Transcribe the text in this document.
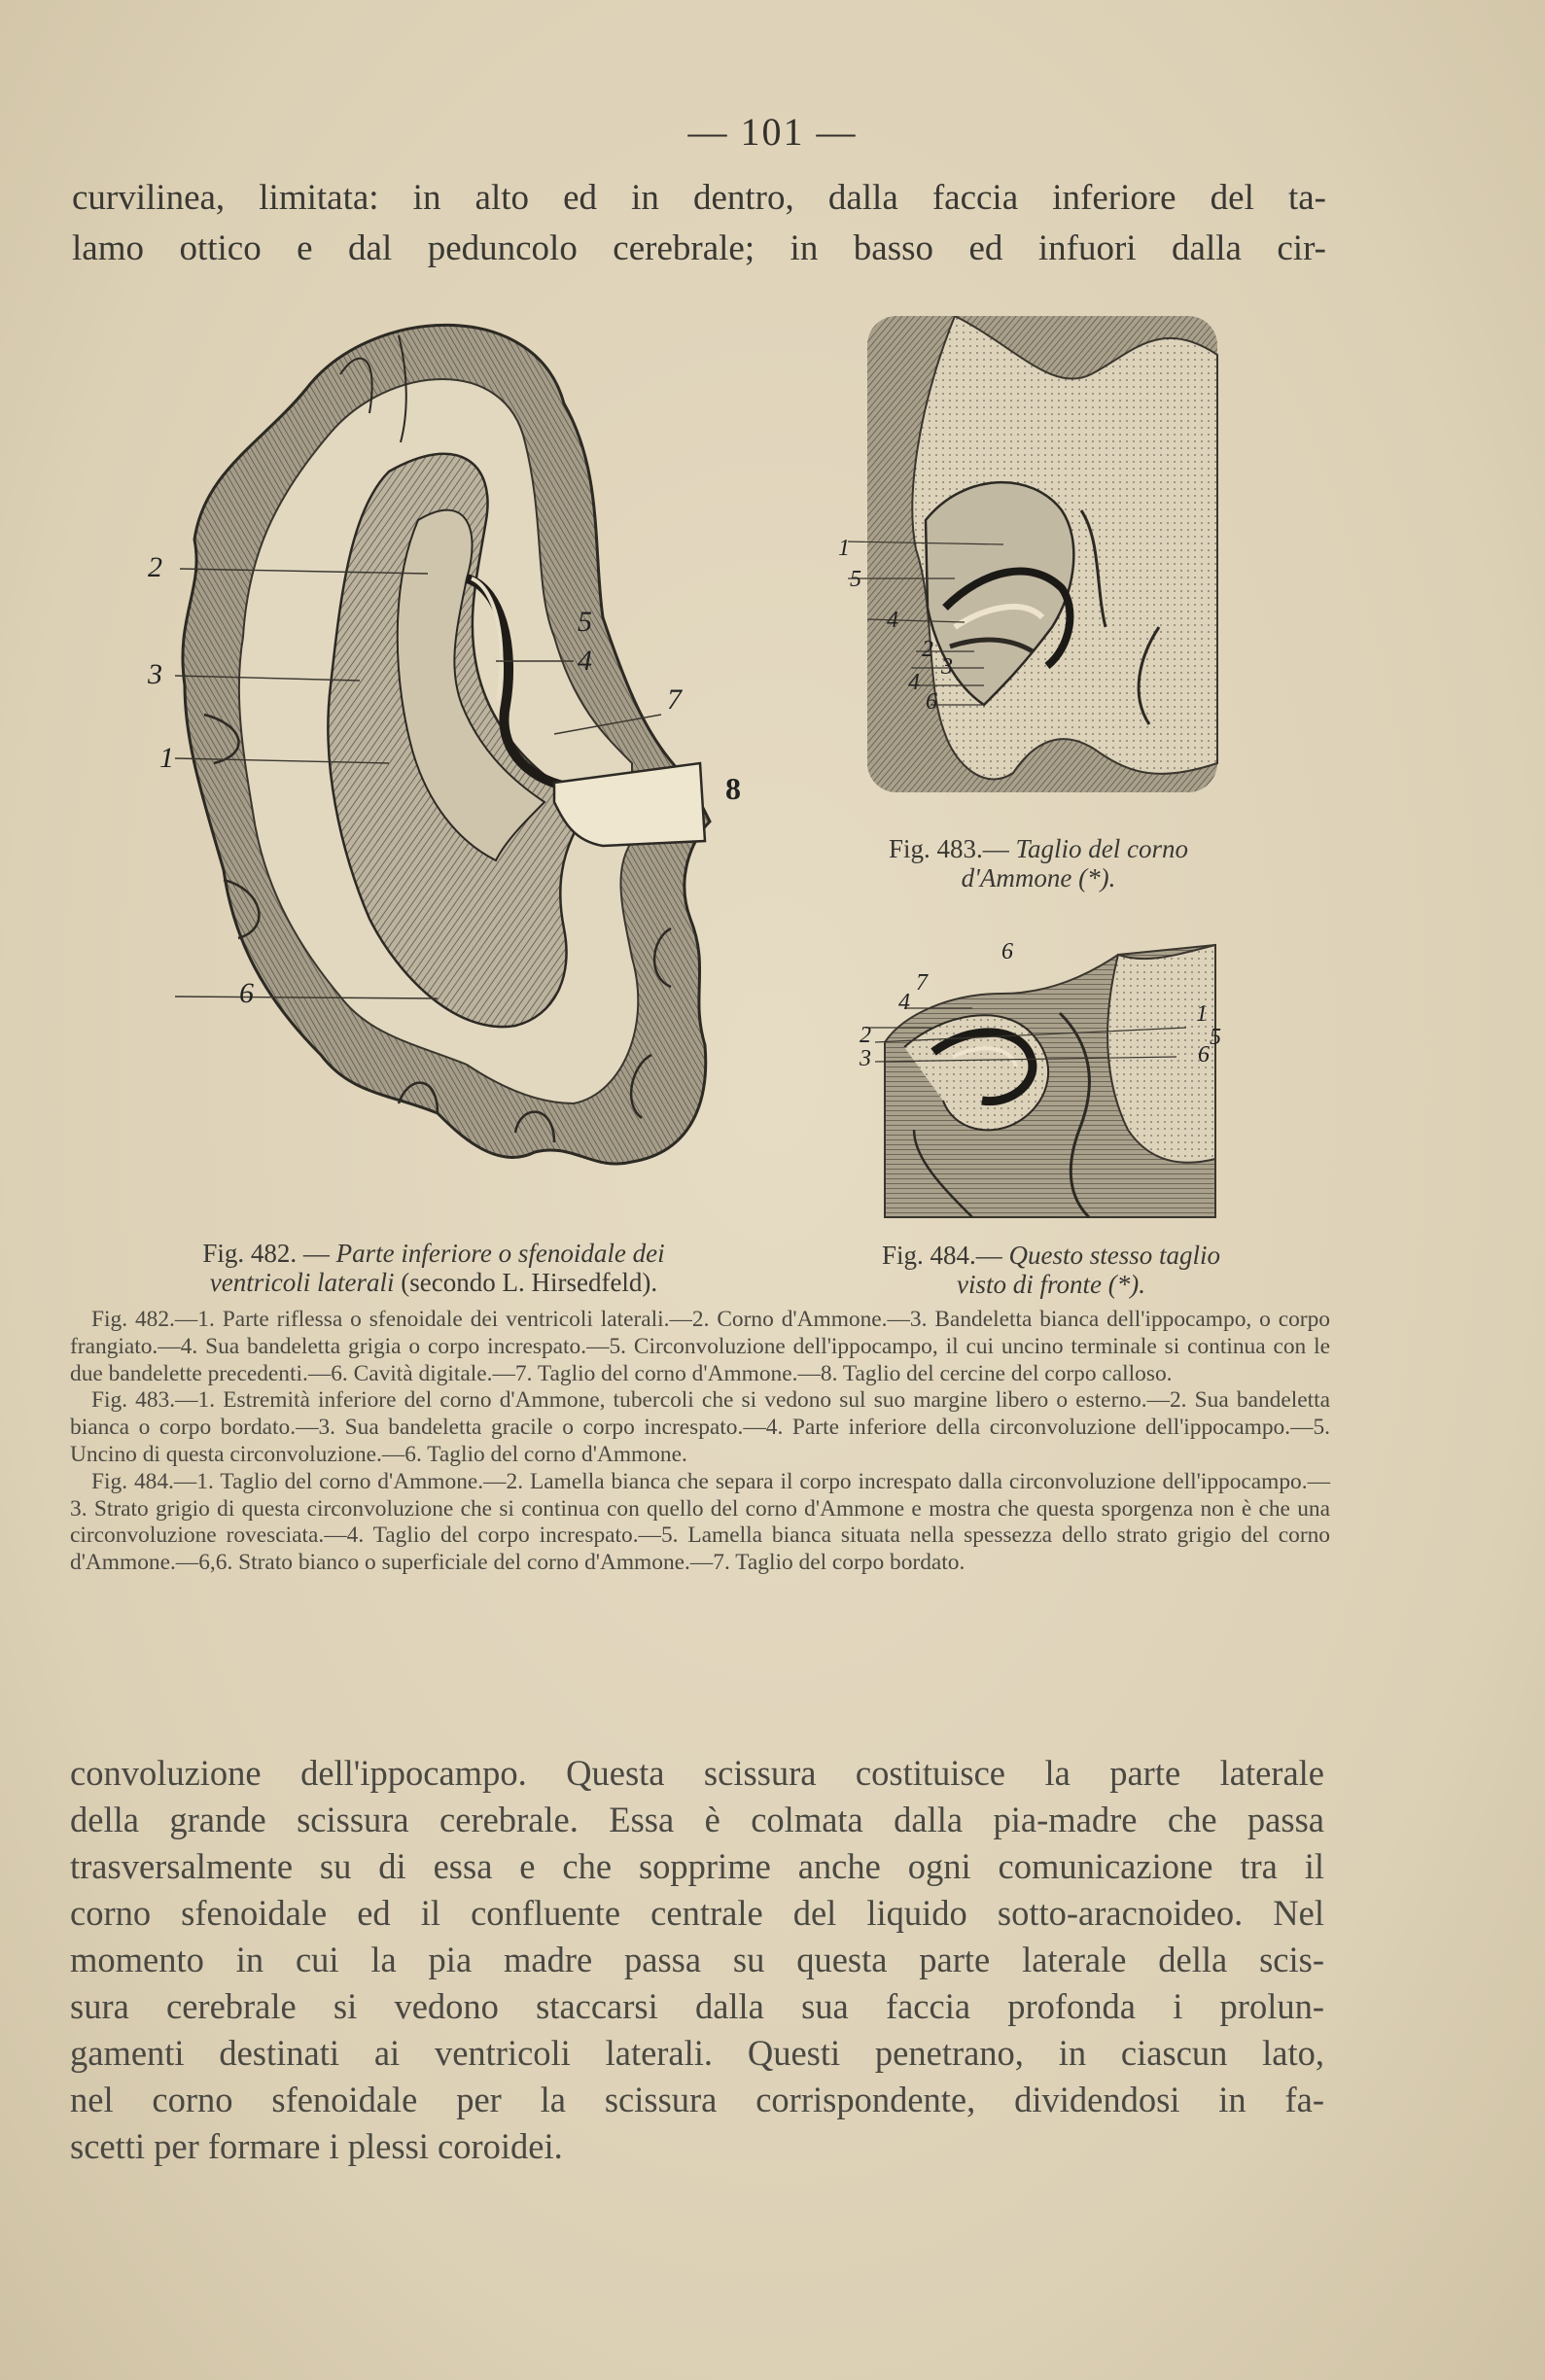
— 101 —
curvilinea, limitata: in alto ed in dentro, dalla faccia inferiore del ta-
lamo ottico e dal peduncolo cerebrale; in basso ed infuori dalla cir-
2
3
1
5
4
7
8
6
Fig. 482. — Parte inferiore o sfenoidale dei
ventricoli laterali (secondo L. Hirsedfeld).
1
5
4
2
3
4
6
Fig. 483.— Taglio del corno
d'Ammone (*).
6
7
4
2
3
1
5
6
Fig. 484.— Questo stesso taglio
visto di fronte (*).

Fig. 482.—1. Parte riflessa o sfenoidale dei ventricoli laterali.—2. Corno d'Ammone.—3. Bandeletta bianca dell'ippocampo, o corpo frangiato.—4. Sua bandeletta grigia o corpo increspato.—5. Circonvoluzione dell'ippocampo, il cui uncino terminale si continua con le due bandelette precedenti.—6. Cavità digitale.—7. Taglio del corno d'Ammone.—8. Taglio del cercine del corpo calloso.

Fig. 483.—1. Estremità inferiore del corno d'Ammone, tubercoli che si vedono sul suo margine libero o esterno.—2. Sua bandeletta bianca o corpo bordato.—3. Sua bandeletta gracile o corpo increspato.—4. Parte inferiore della circonvoluzione dell'ippocampo.—5. Uncino di questa circonvoluzione.—6. Taglio del corno d'Ammone.

Fig. 484.—1. Taglio del corno d'Ammone.—2. Lamella bianca che separa il corpo increspato dalla circonvoluzione dell'ippocampo.—3. Strato grigio di questa circonvoluzione che si continua con quello del corno d'Ammone e mostra che questa sporgenza non è che una circonvoluzione rovesciata.—4. Taglio del corpo increspato.—5. Lamella bianca situata nella spessezza dello strato grigio del corno d'Ammone.—6,6. Strato bianco o superficiale del corno d'Ammone.—7. Taglio del corpo bordato.

convoluzione dell'ippocampo. Questa scissura costituisce la parte laterale
della grande scissura cerebrale. Essa è colmata dalla pia-madre che passa
trasversalmente su di essa e che sopprime anche ogni comunicazione tra il
corno sfenoidale ed il confluente centrale del liquido sotto-aracnoideo. Nel
momento in cui la pia madre passa su questa parte laterale della scis-
sura cerebrale si vedono staccarsi dalla sua faccia profonda i prolun-
gamenti destinati ai ventricoli laterali. Questi penetrano, in ciascun lato,
nel corno sfenoidale per la scissura corrispondente, dividendosi in fa-
scetti per formare i plessi coroidei.
